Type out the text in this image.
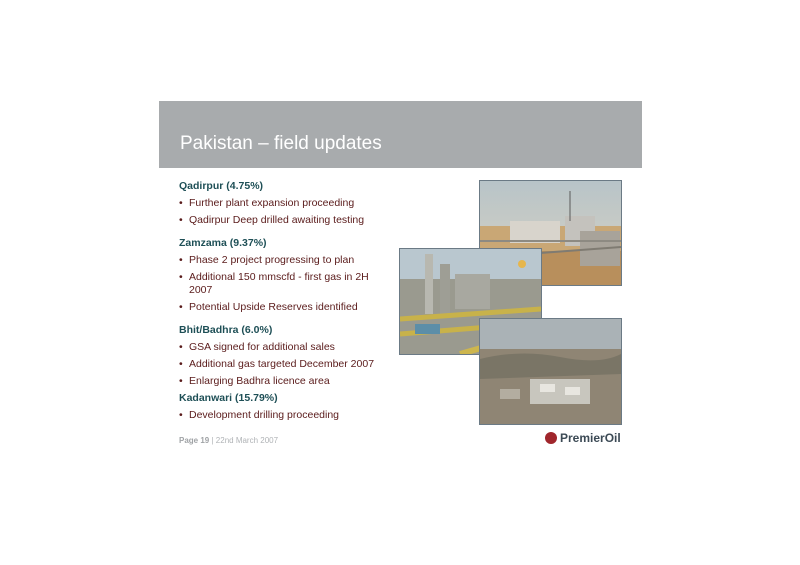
Pakistan – field updates
Qadirpur (4.75%)
• Further plant expansion proceeding
• Qadirpur Deep drilled awaiting testing
Zamzama (9.37%)
• Phase 2 project progressing to plan
• Additional 150 mmscfd - first gas in 2H 2007
• Potential Upside Reserves identified
Bhit/Badhra (6.0%)
• GSA signed for additional sales
• Additional gas targeted December 2007
• Enlarging Badhra licence area
Kadanwari (15.79%)
• Development drilling proceeding
Page 19 | 22nd March 2007	PremierOil
